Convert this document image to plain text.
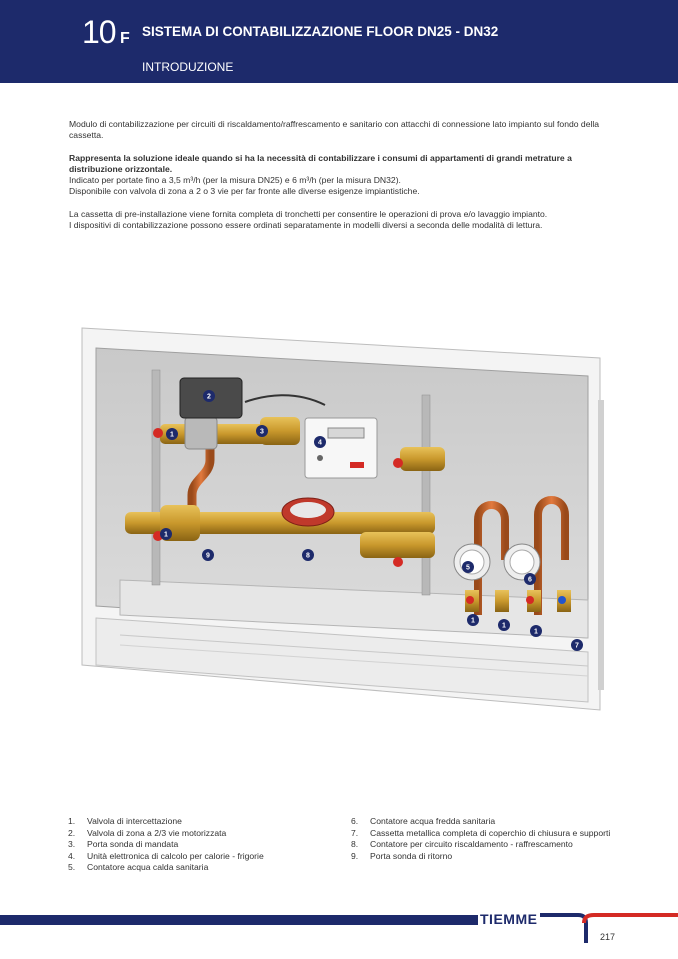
10 F SISTEMA DI CONTABILIZZAZIONE FLOOR DN25 - DN32
INTRODUZIONE

Modulo di contabilizzazione per circuiti di riscaldamento/raffrescamento e sanitario con attacchi di connessione lato impianto sul fondo della cassetta.

Rappresenta la soluzione ideale quando si ha la necessità di contabilizzare i consumi di appartamenti di grandi metrature a distribuzione orizzontale.
Indicato per portate fino a 3,5 m³/h (per la misura DN25) e 6 m³/h (per la misura DN32).
Disponibile con valvola di zona a 2 o 3 vie per far fronte alle diverse esigenze impiantistiche.

La cassetta di pre-installazione viene fornita completa di tronchetti per consentire le operazioni di prova e/o lavaggio impianto.
I dispositivi di contabilizzazione possono essere ordinati separatamente in modelli diversi a seconda delle modalità di lettura.

1
2
3
4
1
9	8
5
6
1
1
1
7
1.	Valvola di intercettazione
2.	Valvola di zona a 2/3 vie motorizzata
3.	Porta sonda di mandata
4.	Unità elettronica di calcolo per calorie - frigorie
5.	Contatore acqua calda sanitaria
6.	Contatore acqua fredda sanitaria
7.	Cassetta metallica completa di coperchio di chiusura e supporti
8.	Contatore per circuito riscaldamento - raffrescamento
9.	Porta sonda di ritorno
TIEMME
217
